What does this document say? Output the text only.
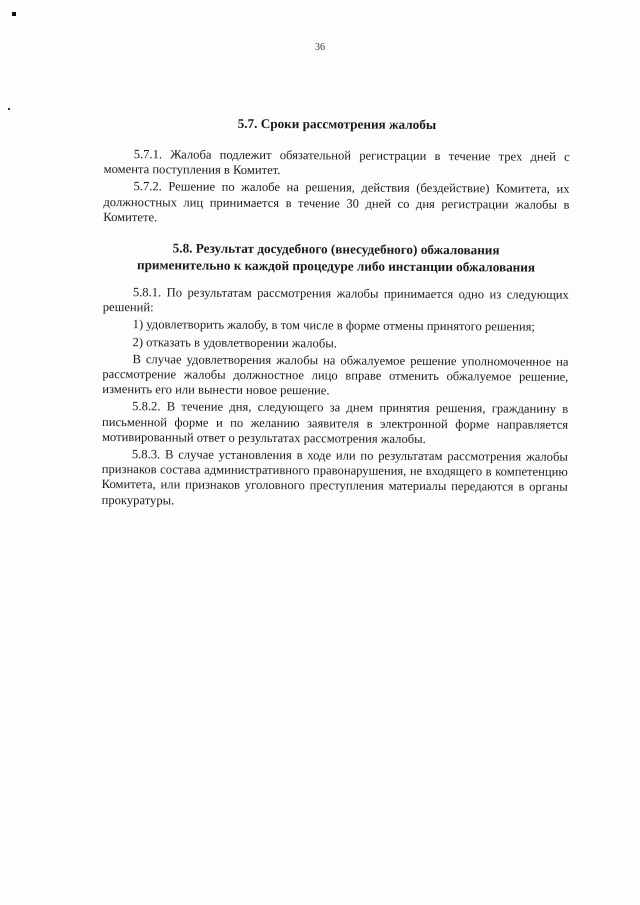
36
5.7. Сроки рассмотрения жалобы

5.7.1. Жалоба подлежит обязательной регистрации в течение трех дней с момента поступления в Комитет.

5.7.2. Решение по жалобе на решения, действия (бездействие) Комитета, их должностных лиц принимается в течение 30 дней со дня регистрации жалобы в Комитете.

5.8. Результат досудебного (внесудебного) обжалования
применительно к каждой процедуре либо инстанции обжалования

5.8.1. По результатам рассмотрения жалобы принимается одно из следующих решений:

1) удовлетворить жалобу, в том числе в форме отмены принятого решения;

2) отказать в удовлетворении жалобы.

В случае удовлетворения жалобы на обжалуемое решение уполномоченное на рассмотрение жалобы должностное лицо вправе отменить обжалуемое решение, изменить его или вынести новое решение.

5.8.2. В течение дня, следующего за днем принятия решения, гражданину в письменной форме и по желанию заявителя в электронной форме направляется мотивированный ответ о результатах рассмотрения жалобы.

5.8.3. В случае установления в ходе или по результатам рассмотрения жалобы признаков состава административного правонарушения, не входящего в компетенцию Комитета, или признаков уголовного преступления материалы передаются в органы прокуратуры.
